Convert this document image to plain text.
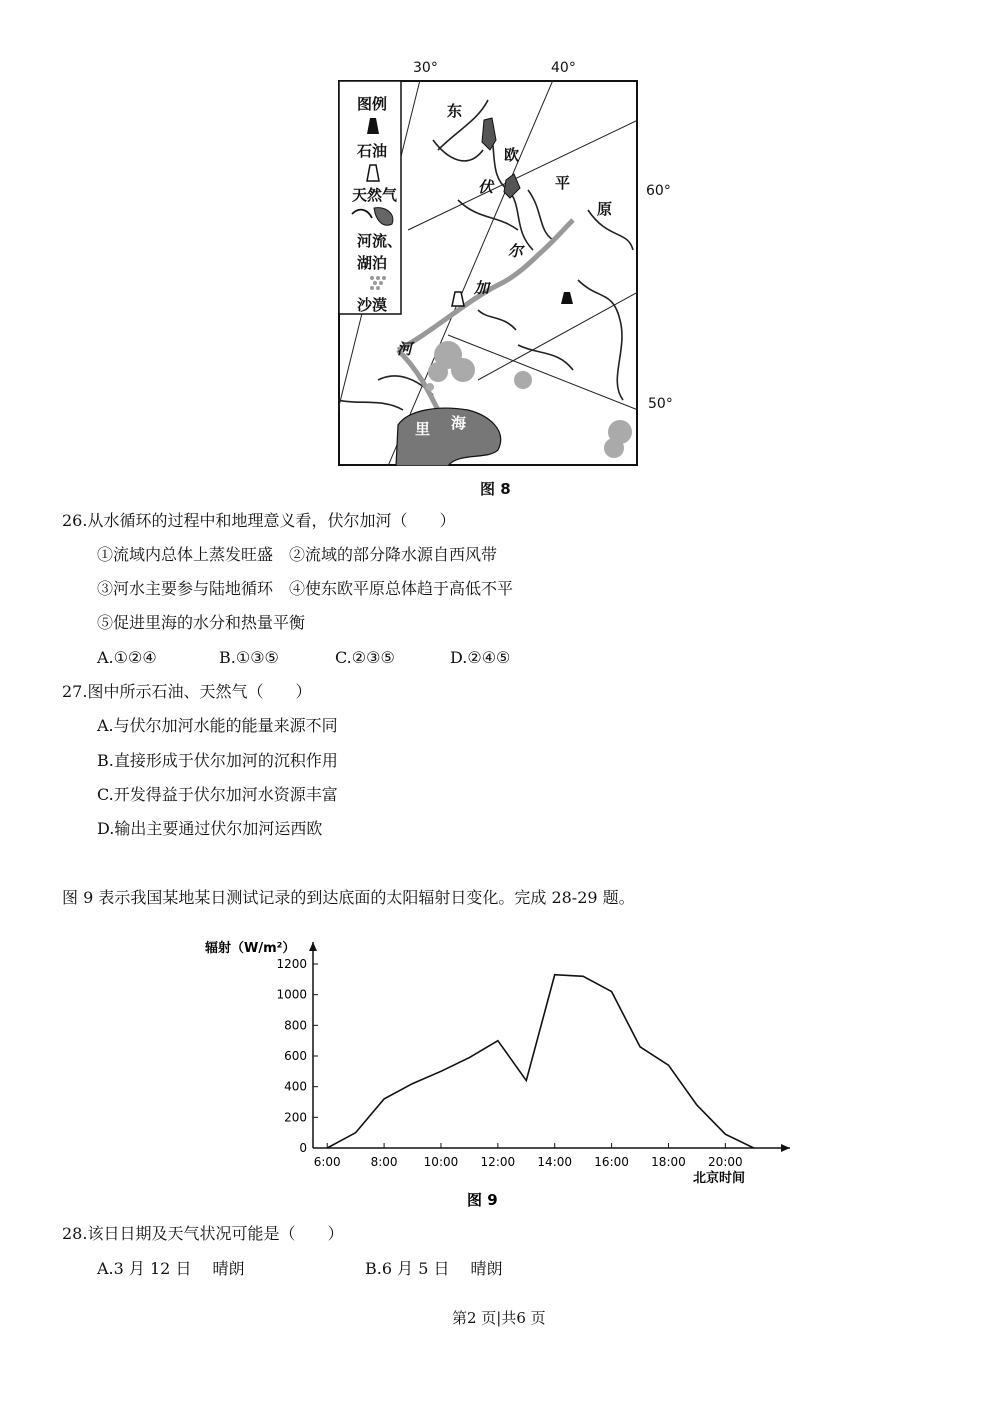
30°	40°
60°
50°
图例
石油
天然气
河流、
湖泊
沙漠
东
欧
平
原
伏
尔
加
河
里 海
图 8
26.从水循环的过程中和地理意义看，伏尔加河（　　）
①流域内总体上蒸发旺盛　②流域的部分降水源自西风带
③河水主要参与陆地循环　④使东欧平原总体趋于高低不平
⑤促进里海的水分和热量平衡
A.①②④	B.①③⑤	C.②③⑤	D.②④⑤
27.图中所示石油、天然气（　　）
A.与伏尔加河水能的能量来源不同
B.直接形成于伏尔加河的沉积作用
C.开发得益于伏尔加河水资源丰富
D.输出主要通过伏尔加河运西欧
图 9 表示我国某地某日测试记录的到达底面的太阳辐射日变化。完成 28-29 题。
辐射（W/m²）
北京时间
图 9
0
200
400
600
800
1000
1200
6:00 8:00 10:00 12:00 14:00 16:00 18:00 20:00
28.该日日期及天气状况可能是（　　）
A.3 月 12 日　 晴朗	B.6 月 5 日　 晴朗
第2 页|共6 页
